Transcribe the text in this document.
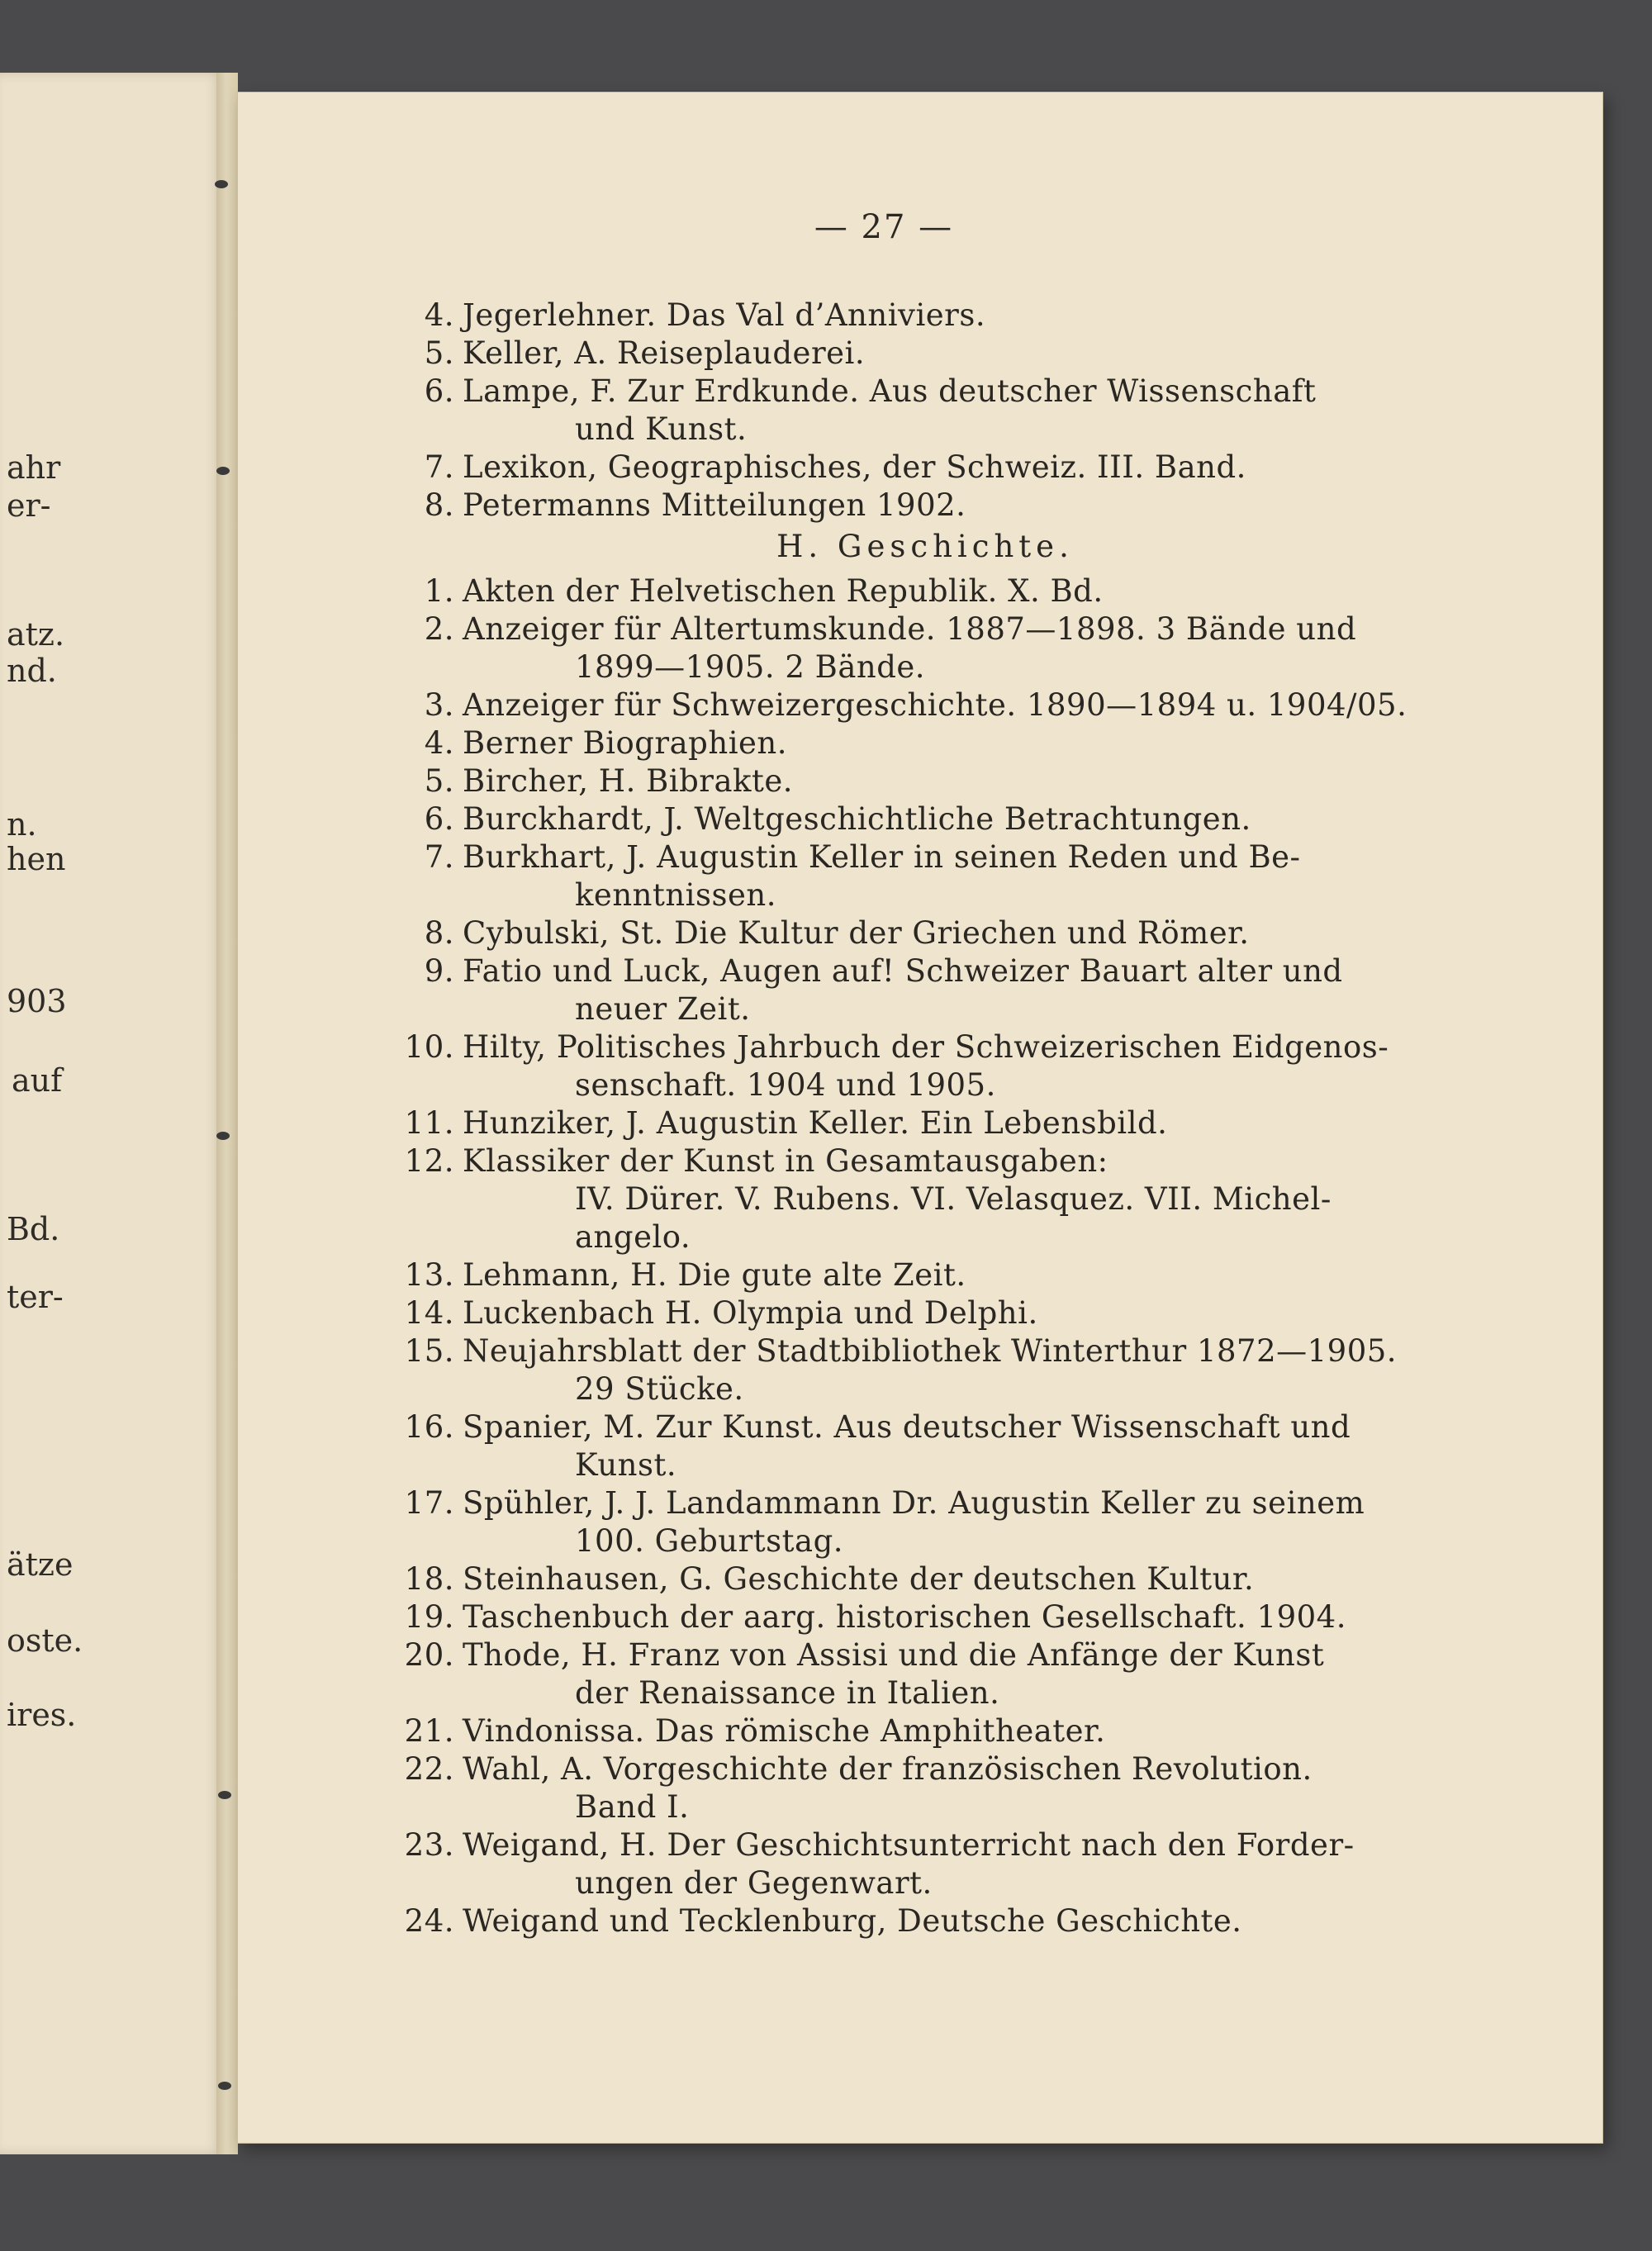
ahr
er-
atz.
nd.
n.
hen
903
auf
Bd.
ter-
ätze
oste.
ires.
— 27 —
4. Jegerlehner. Das Val d’Anniviers.
5. Keller, A. Reiseplauderei.
6. Lampe, F. Zur Erdkunde. Aus deutscher Wissenschaft
und Kunst.
7. Lexikon, Geographisches, der Schweiz. III. Band.
8. Petermanns Mitteilungen 1902.
H. Geschichte.
1. Akten der Helvetischen Republik. X. Bd.
2. Anzeiger für Altertumskunde. 1887—1898. 3 Bände und
1899—1905. 2 Bände.
3. Anzeiger für Schweizergeschichte. 1890—1894 u. 1904/05.
4. Berner Biographien.
5. Bircher, H. Bibrakte.
6. Burckhardt, J. Weltgeschichtliche Betrachtungen.
7. Burkhart, J. Augustin Keller in seinen Reden und Be-
kenntnissen.
8. Cybulski, St. Die Kultur der Griechen und Römer.
9. Fatio und Luck, Augen auf! Schweizer Bauart alter und
neuer Zeit.
10. Hilty, Politisches Jahrbuch der Schweizerischen Eidgenos-
senschaft. 1904 und 1905.
11. Hunziker, J. Augustin Keller. Ein Lebensbild.
12. Klassiker der Kunst in Gesamtausgaben:
IV. Dürer. V. Rubens. VI. Velasquez. VII. Michel-
angelo.
13. Lehmann, H. Die gute alte Zeit.
14. Luckenbach H. Olympia und Delphi.
15. Neujahrsblatt der Stadtbibliothek Winterthur 1872—1905.
29 Stücke.
16. Spanier, M. Zur Kunst. Aus deutscher Wissenschaft und
Kunst.
17. Spühler, J. J. Landammann Dr. Augustin Keller zu seinem
100. Geburtstag.
18. Steinhausen, G. Geschichte der deutschen Kultur.
19. Taschenbuch der aarg. historischen Gesellschaft. 1904.
20. Thode, H. Franz von Assisi und die Anfänge der Kunst
der Renaissance in Italien.
21. Vindonissa. Das römische Amphitheater.
22. Wahl, A. Vorgeschichte der französischen Revolution.
Band I.
23. Weigand, H. Der Geschichtsunterricht nach den Forder-
ungen der Gegenwart.
24. Weigand und Tecklenburg, Deutsche Geschichte.
